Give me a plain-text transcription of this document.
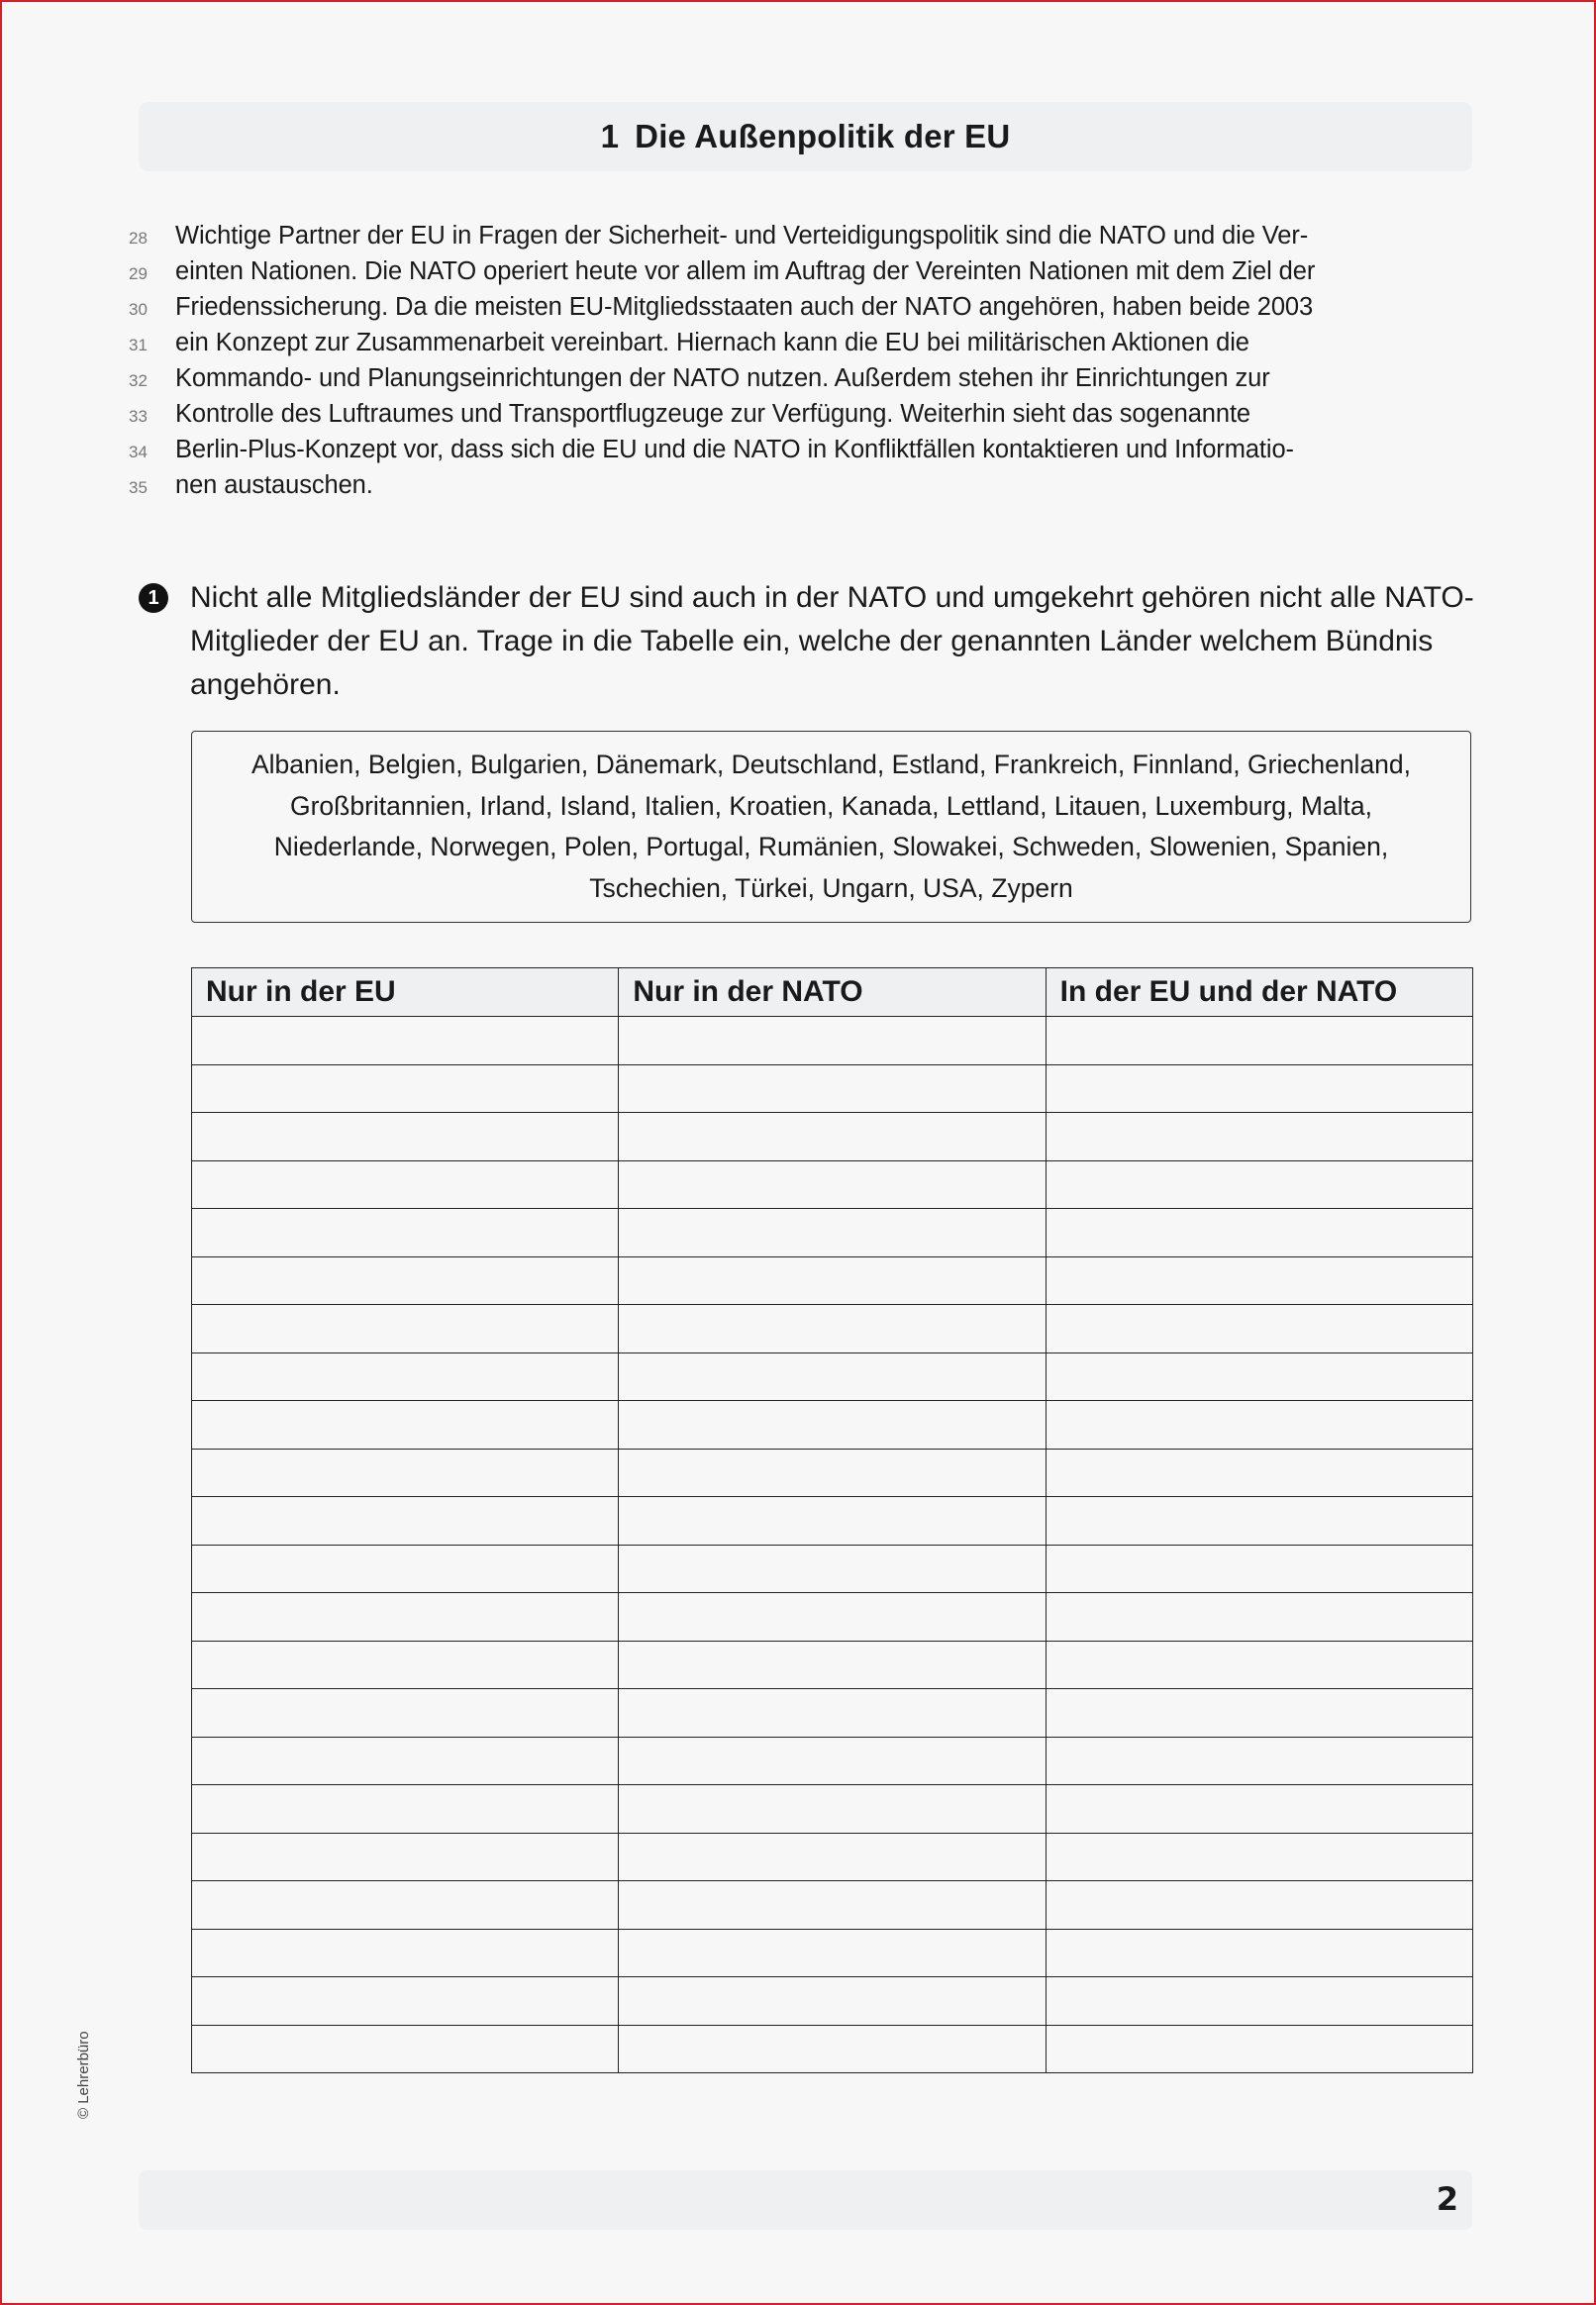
1 Die Außenpolitik der EU
28	Wichtige Partner der EU in Fragen der Sicherheit- und Verteidigungspolitik sind die NATO und die Ver-
29	einten Nationen. Die NATO operiert heute vor allem im Auftrag der Vereinten Nationen mit dem Ziel der
30	Friedenssicherung. Da die meisten EU-Mitgliedsstaaten auch der NATO angehören, haben beide 2003
31	ein Konzept zur Zusammenarbeit vereinbart. Hiernach kann die EU bei militärischen Aktionen die
32	Kommando- und Planungseinrichtungen der NATO nutzen. Außerdem stehen ihr Einrichtungen zur
33	Kontrolle des Luftraumes und Transportflugzeuge zur Verfügung. Weiterhin sieht das sogenannte
34	Berlin-Plus-Konzept vor, dass sich die EU und die NATO in Konfliktfällen kontaktieren und Informatio-
35	nen austauschen.
1	Nicht alle Mitgliedsländer der EU sind auch in der NATO und umgekehrt gehören nicht alle NATO-Mitglieder der EU an. Trage in die Tabelle ein, welche der genannten Länder welchem Bündnis angehören.

Albanien, Belgien, Bulgarien, Dänemark, Deutschland, Estland, Frankreich, Finnland, Griechenland, Großbritannien, Irland, Island, Italien, Kroatien, Kanada, Lettland, Litauen, Luxemburg, Malta, Niederlande, Norwegen, Polen, Portugal, Rumänien, Slowakei, Schweden, Slowenien, Spanien, Tschechien, Türkei, Ungarn, USA, Zypern

Nur in der EU	Nur in der NATO	In der EU und der NATO

© Lehrerbüro
2
